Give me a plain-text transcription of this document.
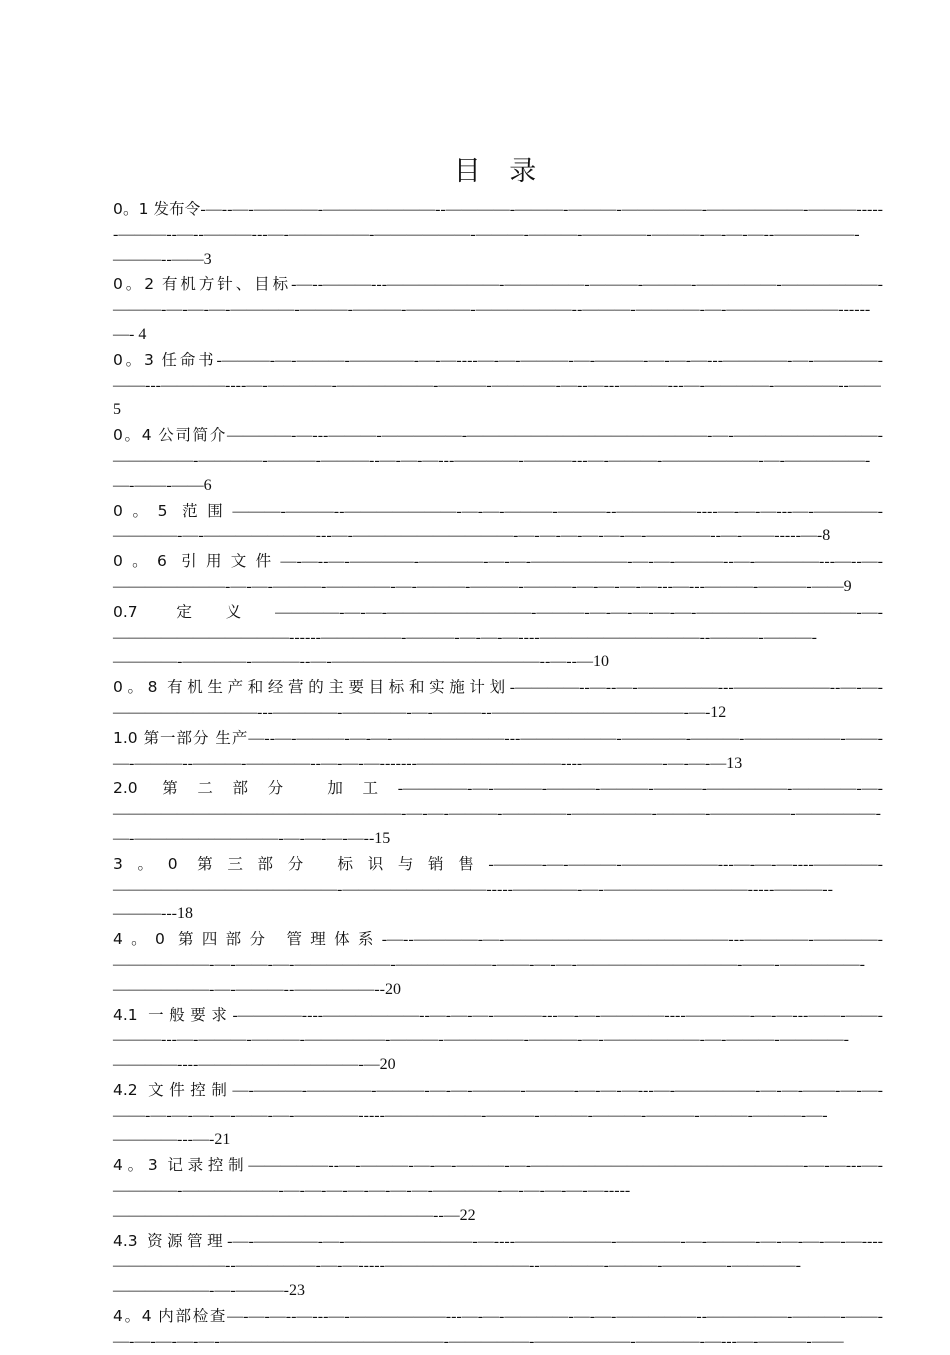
目 录
0。1 发布令-—--—-————-———————--————-———-———-—————-——————-———------———--—--———---—-—————-——————-———-———-————-———-—-—-—--—————-———--——3
0。2 有机方针、目标-—--———---———————-—————-———-———-—————-——————-———-—-—-—-————-———-———-————-——————--———-————-—-———————------—- 4
0。3 任命书-———-—-———-————-—-—----—-—-———-—-———-—-—-—---————-—-————-——---————----—-————-——————-———-————-—--—---———---—-————-————--——5
0。4 公司简介————-—---———-—————-———————————————-—-—————————-—————-————-———-———--—-—-—---————-———---—-———-——————-—-—————-—-——-——6
0。5 范围———-———--———————-—-—-———-———--—————----—-—-—---—-————-————-—-———————---—-——————————-—-—-—-—-—-—-————--—-——-----—-8
0。6 引用文件—-—--—-————-————-—-—-——————-—-—-———--—-————---—--—-———————-—-—-———-————-—-———-———-———-—-—-—-—---—---———-———-——9
0.7 定义————-—-—-—————————-———-—-—-—-—-—-——————————-—-———————————------—————-———-—-—-—----——————————--———-———-————-————-———--—-—————————————--—--—10
0。8 有机生产和经营的主要目标和实施计划-————--—--—-—————---——————--—-—-—————————---————-————-—-———--————————————-—-12
1.0 第一部分 生产—--—-———-—-—-———————---——————-————-———-——————-——-—-———--———-————--—-—-—-------—————————----—————-—-—-—13
2.0 第二部分 加工-————-—-———-———-———-———-—————-————-—-——————————————————-—-—-———-————-—————-———-—————-—————-—-—————————-—-—-—-—--15
3。0 第三部分 标识与销售-———-—-———-——————---—-—-—----————-——————————————-—————————-----————-—-—————————-----———--———---18
4。0 第四部分 管理体系-—--————-—-——————————————---————-————-——————-—-——-—-——————-——————-——-—-—-——————————-——-—————-——————-—-———--—————--20
4.1 一般要求-————----——————--—-—-—-———---—-—-————----————-—-—---——-——-———---—-———-———-—————-———-—————-———-—-——————-—-———-————-————----——————————-—20
4.2 文件控制—-———-————-———-—-—-———-———-—-—-—---—-—————-—-—-——-—-—-——-—-—-—-—-——-—-————-----——————-———-———-———-———-———-———-—-————---—-21
4。3 记录控制—————--—-———-—-—-———-—-—————————————————-—-—---—-————-——————-—-—-—-—-—-—-—-————-—-—-—-—-—-----————————————————————--—22
4.3 资源管理-—-————-—-————————-—----——————-————-—-———-—-—-—-—-—----———————--—————-—-—-----—————————--————-———-————-————-——————-—-———-23
4。4 内部检查—-—-—--—---—-——————---—-—-————-—-—-—————--—————-———-——-—-—-—-—-—-——————————————-—————-——————-————-—---—-———-——
